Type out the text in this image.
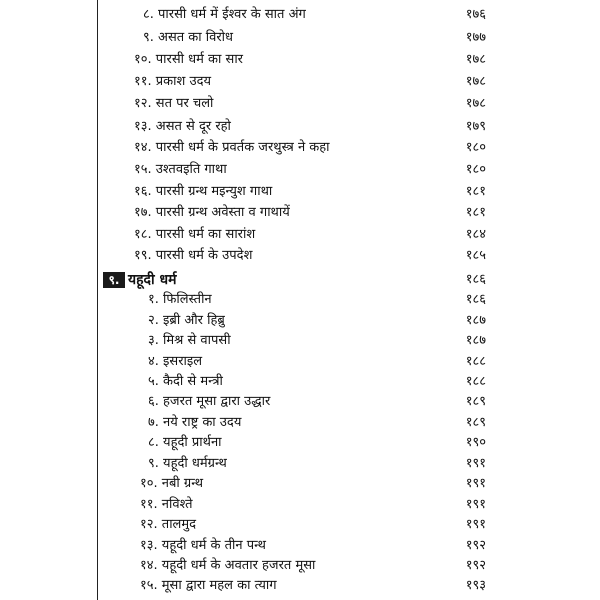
८. पारसी धर्म में ईश्वर के सात अंग	१७६
९. असत का विरोध	१७७
१०. पारसी धर्म का सार	१७८
११. प्रकाश उदय	१७८
१२. सत पर चलो	१७८
१३. असत से दूर रहो	१७९
१४. पारसी धर्म के प्रवर्तक जरथुस्त्र ने कहा	१८०
१५. उश्तवइति गाथा	१८०
१६. पारसी ग्रन्थ मइन्युश गाथा	१८१
१७. पारसी ग्रन्थ अवेस्ता व गाथायें	१८१
१८. पारसी धर्म का सारांश	१८४
१९. पारसी धर्म के उपदेश	१८५
९. यहूदी धर्म	१८६
१. फिलिस्तीन	१८६
२. इब्री और हिब्रु	१८७
३. मिश्र से वापसी	१८७
४. इसराइल	१८८
५. कैदी से मन्त्री	१८८
६. हजरत मूसा द्वारा उद्धार	१८९
७. नये राष्ट्र का उदय	१८९
८. यहूदी प्रार्थना	१९०
९. यहूदी धर्मग्रन्थ	१९१
१०. नबी ग्रन्थ	१९१
११. नविश्ते	१९१
१२. तालमुद	१९१
१३. यहूदी धर्म के तीन पन्थ	१९२
१४. यहूदी धर्म के अवतार हजरत मूसा	१९२
१५. मूसा द्वारा महल का त्याग	१९३
